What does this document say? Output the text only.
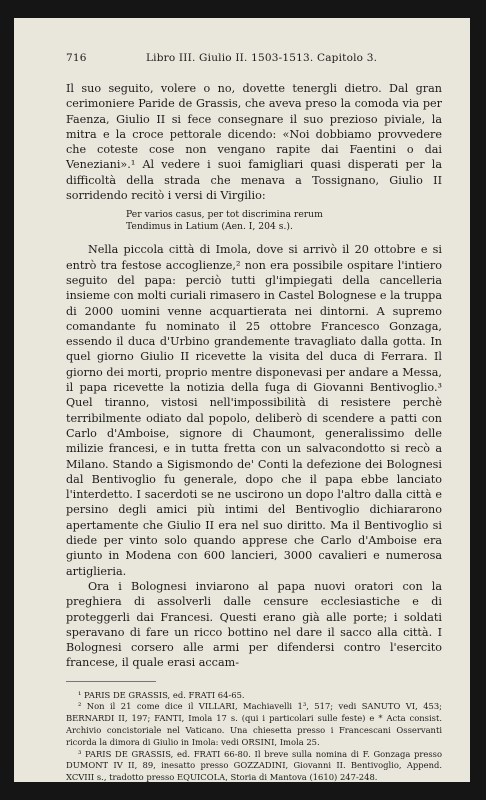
716	Libro III. Giulio II. 1503-1513. Capitolo 3.

Il suo seguito, volere o no, dovette tenergli dietro. Dal gran cerimoniere Paride de Grassis, che aveva preso la comoda via per Faenza, Giulio II si fece consegnare il suo prezioso piviale, la mitra e la croce pettorale dicendo: «Noi dobbiamo provvedere che coteste cose non vengano rapite dai Faentini o dai Veneziani».¹ Al vedere i suoi famigliari quasi disperati per la difficoltà della strada che menava a Tossignano, Giulio II sorridendo recitò i versi di Virgilio:

Per varios casus, per tot discrimina rerum
Tendimus in Latium (Aen. I, 204 s.).

Nella piccola città di Imola, dove si arrivò il 20 ottobre e si entrò tra festose accoglienze,² non era possibile ospitare l'intiero seguito del papa: perciò tutti gl'impiegati della cancelleria insieme con molti curiali rimasero in Castel Bolognese e la truppa di 2000 uomini venne acquartierata nei dintorni. A supremo comandante fu nominato il 25 ottobre Francesco Gonzaga, essendo il duca d'Urbino grandemente travagliato dalla gotta. In quel giorno Giulio II ricevette la visita del duca di Ferrara. Il giorno dei morti, proprio mentre disponevasi per andare a Messa, il papa ricevette la notizia della fuga di Giovanni Bentivoglio.³ Quel tiranno, vistosi nell'impossibilità di resistere perchè terribilmente odiato dal popolo, deliberò di scendere a patti con Carlo d'Amboise, signore di Chaumont, generalissimo delle milizie francesi, e in tutta fretta con un salvacondotto si recò a Milano. Stando a Sigismondo de' Conti la defezione dei Bolognesi dal Bentivoglio fu generale, dopo che il papa ebbe lanciato l'interdetto. I sacerdoti se ne uscirono un dopo l'altro dalla città e persino degli amici più intimi del Bentivoglio dichiararono apertamente che Giulio II era nel suo diritto. Ma il Bentivoglio si diede per vinto solo quando apprese che Carlo d'Amboise era giunto in Modena con 600 lancieri, 3000 cavalieri e numerosa artiglieria.

Ora i Bolognesi inviarono al papa nuovi oratori con la preghiera di assolverli dalle censure ecclesiastiche e di proteggerli dai Francesi. Questi erano già alle porte; i soldati speravano di fare un ricco bottino nel dare il sacco alla città. I Bolognesi corsero alle armi per difendersi contro l'esercito francese, il quale erasi accam-

¹ PARIS DE GRASSIS, ed. FRATI 64-65.

² Non il 21 come dice il VILLARI, Machiavelli 1³, 517; vedi SANUTO VI, 453; BERNARDI II, 197; FANTI, Imola 17 s. (qui i particolari sulle feste) e * Acta consist. Archivio concistoriale nel Vaticano. Una chiesetta presso i Francescani Osservanti ricorda la dimora di Giulio in Imola: vedi ORSINI, Imola 25.

³ PARIS DE GRASSIS, ed. FRATI 66-80. Il breve sulla nomina di F. Gonzaga presso DUMONT IV II, 89, inesatto presso GOZZADINI, Giovanni II. Bentivoglio, Append. XCVIII s., tradotto presso EQUICOLA, Storia di Mantova (1610) 247-248.
